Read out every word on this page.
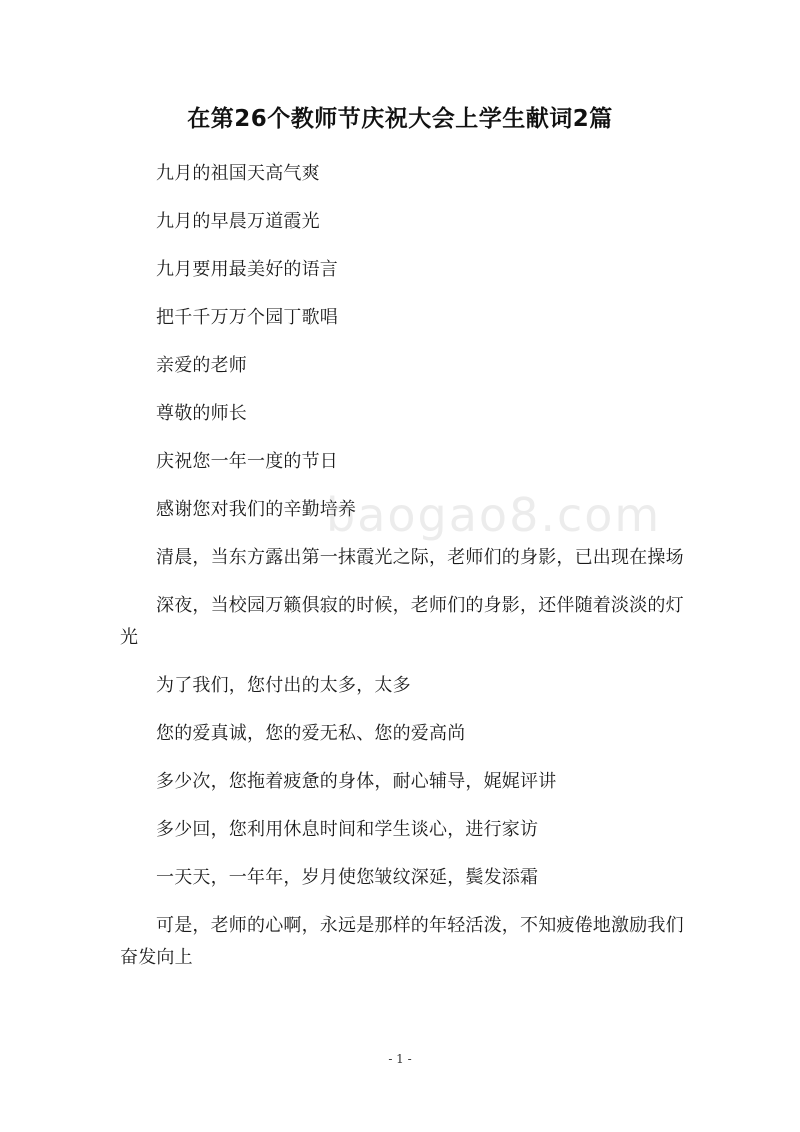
在第26个教师节庆祝大会上学生献词2篇

九月的祖国天高气爽

九月的早晨万道霞光

九月要用最美好的语言

把千千万万个园丁歌唱

亲爱的老师

尊敬的师长

庆祝您一年一度的节日

感谢您对我们的辛勤培养

清晨，当东方露出第一抹霞光之际，老师们的身影，已出现在操场

深夜，当校园万籁俱寂的时候，老师们的身影，还伴随着淡淡的灯光

为了我们，您付出的太多，太多

您的爱真诚，您的爱无私、您的爱高尚

多少次，您拖着疲惫的身体，耐心辅导，娓娓评讲

多少回，您利用休息时间和学生谈心，进行家访

一天天，一年年，岁月使您皱纹深延，鬓发添霜

可是，老师的心啊，永远是那样的年轻活泼，不知疲倦地激励我们奋发向上

baogao8.com
- 1 -
